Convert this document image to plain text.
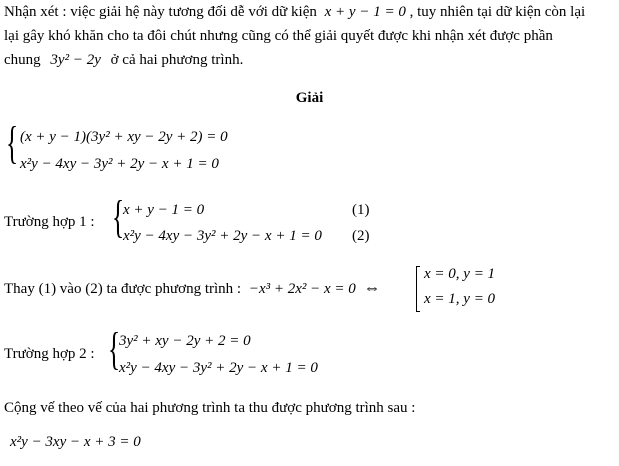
Nhận xét : việc giải hệ này tương đối dễ với dữ kiện x + y − 1 = 0 , tuy nhiên tại dữ kiện còn lại
lại gây khó khăn cho ta đôi chút nhưng cũng có thể giải quyết được khi nhận xét được phần
chung 3y² − 2y ở cả hai phương trình.
Giải
{ (x + y − 1)(3y² + xy − 2y + 2) = 0
x²y − 4xy − 3y² + 2y − x + 1 = 0
Trường hợp 1 : {
x + y − 1 = 0
x²y − 4xy − 3y² + 2y − x + 1 = 0
(1)
(2)
Thay (1) vào (2) ta được phương trình : −x³ + 2x² − x = 0 ⇔
x = 0, y = 1
x = 1, y = 0
Trường hợp 2 : {
3y² + xy − 2y + 2 = 0
x²y − 4xy − 3y² + 2y − x + 1 = 0
Cộng vế theo vế của hai phương trình ta thu được phương trình sau :
x²y − 3xy − x + 3 = 0
